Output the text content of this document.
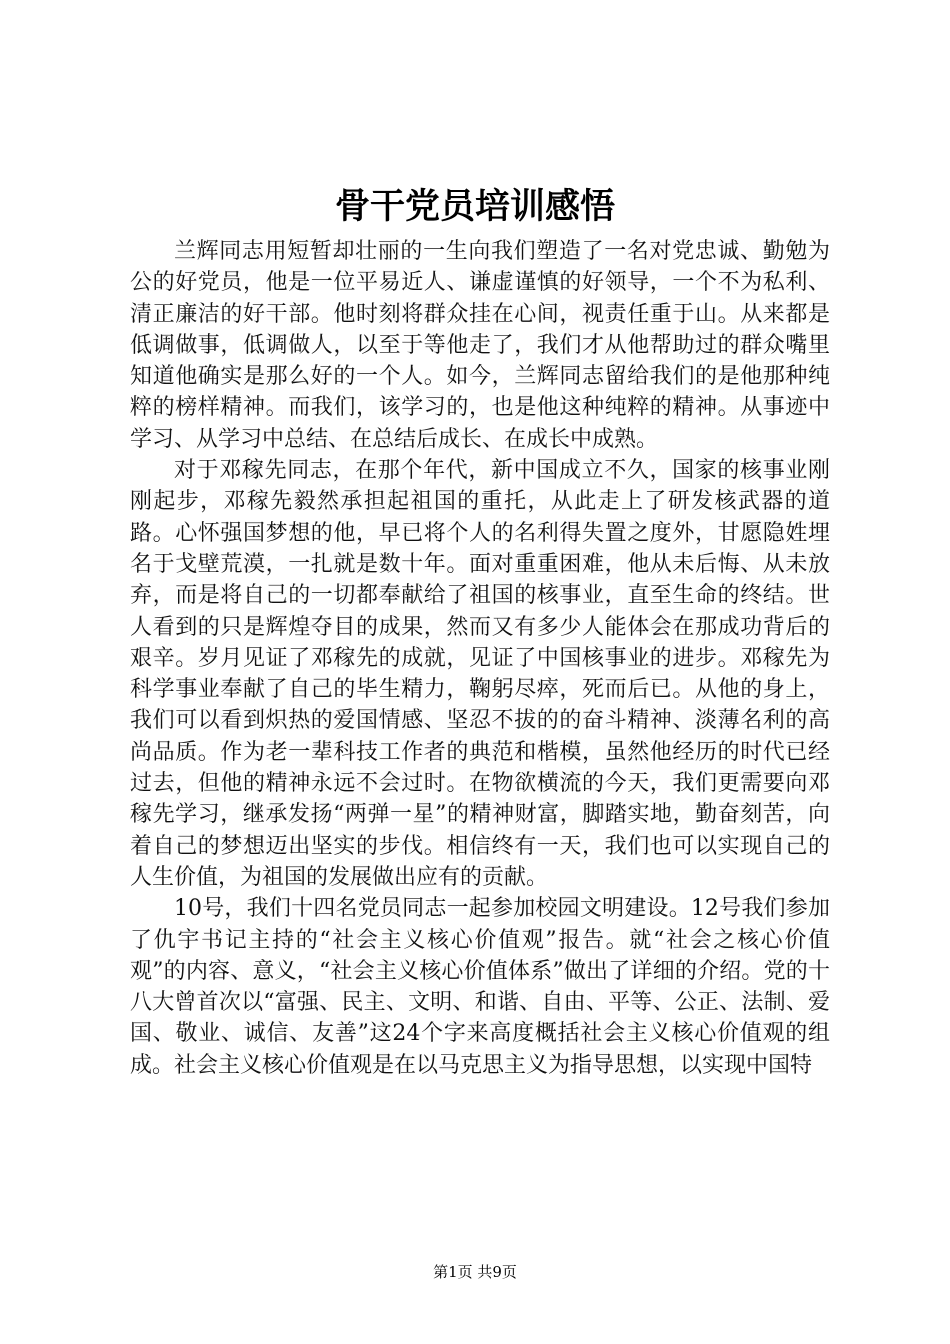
骨干党员培训感悟

兰辉同志用短暂却壮丽的一生向我们塑造了一名对党忠诚、勤勉为公的好党员，他是一位平易近人、谦虚谨慎的好领导，一个不为私利、清正廉洁的好干部。他时刻将群众挂在心间，视责任重于山。从来都是低调做事，低调做人，以至于等他走了，我们才从他帮助过的群众嘴里知道他确实是那么好的一个人。如今，兰辉同志留给我们的是他那种纯粹的榜样精神。而我们，该学习的，也是他这种纯粹的精神。从事迹中学习、从学习中总结、在总结后成长、在成长中成熟。

对于邓稼先同志，在那个年代，新中国成立不久，国家的核事业刚刚起步，邓稼先毅然承担起祖国的重托，从此走上了研发核武器的道路。心怀强国梦想的他，早已将个人的名利得失置之度外，甘愿隐姓埋名于戈壁荒漠，一扎就是数十年。面对重重困难，他从未后悔、从未放弃，而是将自己的一切都奉献给了祖国的核事业，直至生命的终结。世人看到的只是辉煌夺目的成果，然而又有多少人能体会在那成功背后的艰辛。岁月见证了邓稼先的成就，见证了中国核事业的进步。邓稼先为科学事业奉献了自己的毕生精力，鞠躬尽瘁，死而后已。从他的身上，我们可以看到炽热的爱国情感、坚忍不拔的的奋斗精神、淡薄名利的高尚品质。作为老一辈科技工作者的典范和楷模，虽然他经历的时代已经过去，但他的精神永远不会过时。在物欲横流的今天，我们更需要向邓稼先学习，继承发扬“两弹一星”的精神财富，脚踏实地，勤奋刻苦，向着自己的梦想迈出坚实的步伐。相信终有一天，我们也可以实现自己的人生价值，为祖国的发展做出应有的贡献。

10号，我们十四名党员同志一起参加校园文明建设。12号我们参加了仇宇书记主持的“社会主义核心价值观”报告。就“社会之核心价值观”的内容、意义，“社会主义核心价值体系”做出了详细的介绍。党的十八大曾首次以“富强、民主、文明、和谐、自由、平等、公正、法制、爱国、敬业、诚信、友善”这24个字来高度概括社会主义核心价值观的组成。社会主义核心价值观是在以马克思主义为指导思想，以实现中国特

第1页 共9页
